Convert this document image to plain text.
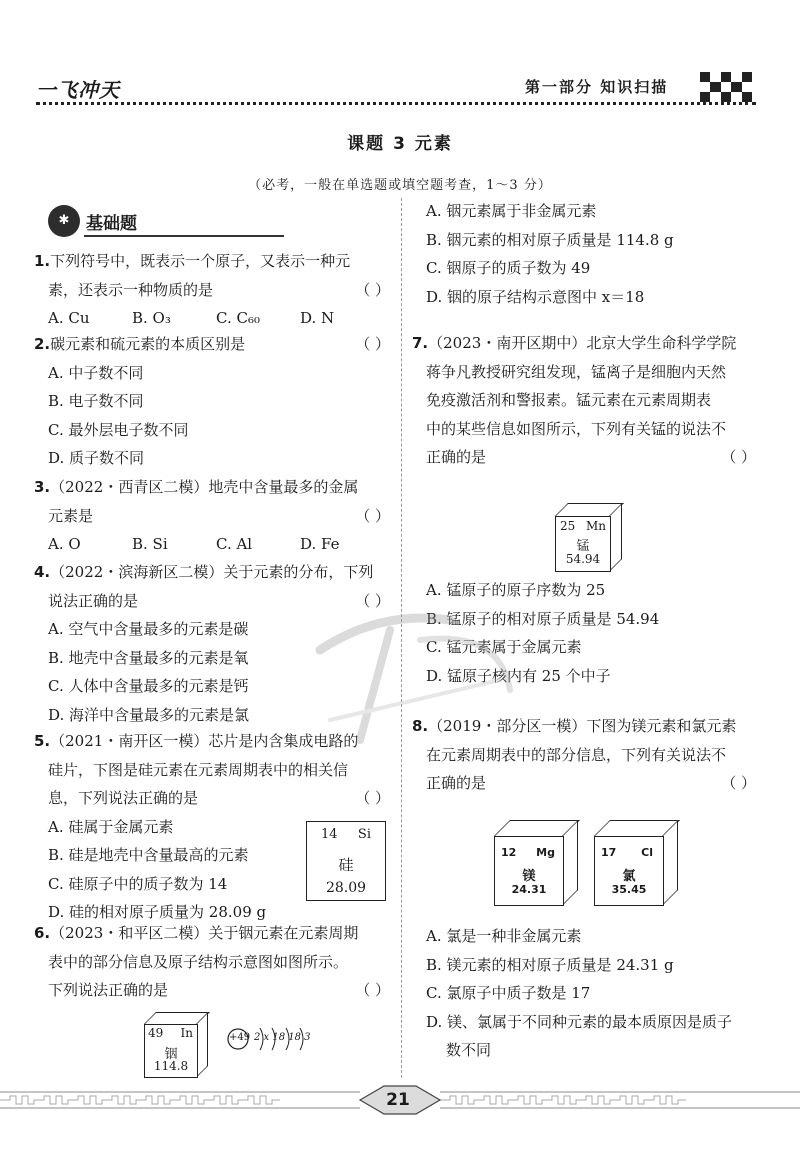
一飞冲天	第一部分 知识扫描
课题 3 元素
（必考，一般在单选题或填空题考查，1～3 分）
✱ 基础题
1.下列符号中，既表示一个原子，又表示一种元
素，还表示一种物质的是	（ ）
A. Cu	B. O₃	C. C₆₀	D. N
2.碳元素和硫元素的本质区别是	（ ）
A. 中子数不同
B. 电子数不同
C. 最外层电子数不同
D. 质子数不同
3.（2022・西青区二模）地壳中含量最多的金属
元素是	（ ）
A. O	B. Si	C. Al	D. Fe
4.（2022・滨海新区二模）关于元素的分布，下列
说法正确的是	（ ）
A. 空气中含量最多的元素是碳
B. 地壳中含量最多的元素是氧
C. 人体中含量最多的元素是钙
D. 海洋中含量最多的元素是氯
5.（2021・南开区一模）芯片是内含集成电路的
硅片，下图是硅元素在元素周期表中的相关信
息，下列说法正确的是	（ ）
A. 硅属于金属元素
B. 硅是地壳中含量最高的元素
C. 硅原子中的质子数为 14
D. 硅的相对原子质量为 28.09 g
14 Si
硅
28.09
6.（2023・和平区二模）关于铟元素在元素周期
表中的部分信息及原子结构示意图如图所示。
下列说法正确的是	（ ）
49 In
铟
114.8
+49 2 x 18 18 3
A. 铟元素属于非金属元素
B. 铟元素的相对原子质量是 114.8 g
C. 铟原子的质子数为 49
D. 铟的原子结构示意图中 x＝18
7.（2023・南开区期中）北京大学生命科学学院
蒋争凡教授研究组发现，锰离子是细胞内天然
免疫激活剂和警报素。锰元素在元素周期表
中的某些信息如图所示，下列有关锰的说法不
正确的是	（ ）
25 Mn
锰
54.94
A. 锰原子的原子序数为 25
B. 锰原子的相对原子质量是 54.94
C. 锰元素属于金属元素
D. 锰原子核内有 25 个中子
8.（2019・部分区一模）下图为镁元素和氯元素
在元素周期表中的部分信息，下列有关说法不
正确的是	（ ）
12 Mg
镁
24.31
17 Cl
氯
35.45
A. 氯是一种非金属元素
B. 镁元素的相对原子质量是 24.31 g
C. 氯原子中质子数是 17
D. 镁、氯属于不同种元素的最本质原因是质子
数不同
21
